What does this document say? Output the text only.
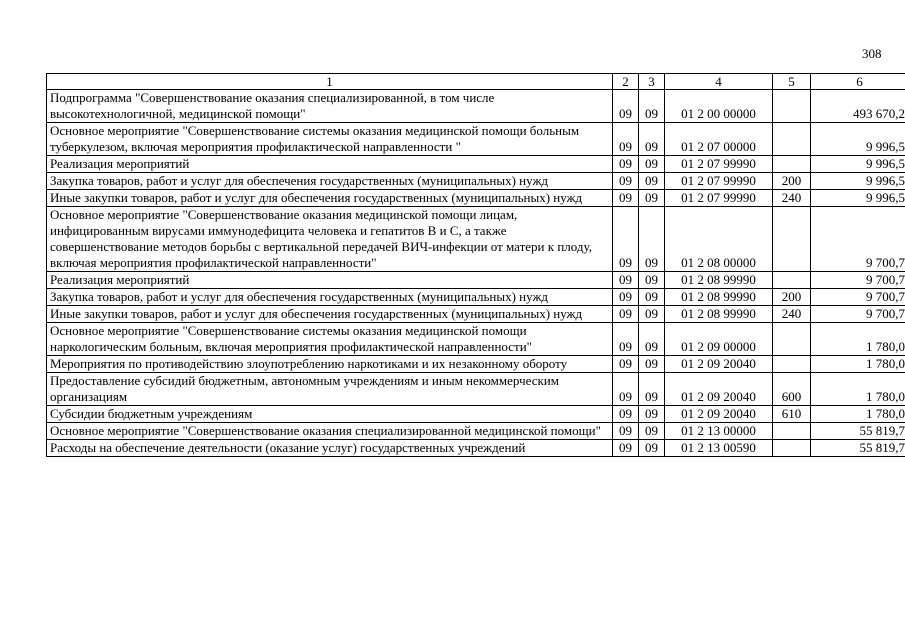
308
1	2	3	4	5	6
Подпрограмма "Совершенствование оказания специализированной, в том числе высокотехнологичной, медицинской помощи"	09	09	01 2 00 00000		493 670,2
Основное мероприятие "Совершенствование системы оказания медицинской помощи больным туберкулезом, включая мероприятия профилактической направленности "	09	09	01 2 07 00000		9 996,5
Реализация мероприятий	09	09	01 2 07 99990		9 996,5
Закупка товаров, работ и услуг для обеспечения государственных (муниципальных) нужд	09	09	01 2 07 99990	200	9 996,5
Иные закупки товаров, работ и услуг для обеспечения государственных (муниципальных) нужд	09	09	01 2 07 99990	240	9 996,5
Основное мероприятие "Совершенствование оказания медицинской помощи лицам, инфицированным вирусами иммунодефицита человека и гепатитов В и С, а также совершенствование методов борьбы с вертикальной передачей ВИЧ-инфекции от матери к плоду, включая мероприятия профилактической направленности"	09	09	01 2 08 00000		9 700,7
Реализация мероприятий	09	09	01 2 08 99990		9 700,7
Закупка товаров, работ и услуг для обеспечения государственных (муниципальных) нужд	09	09	01 2 08 99990	200	9 700,7
Иные закупки товаров, работ и услуг для обеспечения государственных (муниципальных) нужд	09	09	01 2 08 99990	240	9 700,7
Основное мероприятие "Совершенствование системы оказания медицинской помощи наркологическим больным, включая мероприятия профилактической направленности"	09	09	01 2 09 00000		1 780,0
Мероприятия по противодействию злоупотреблению наркотиками и их незаконному обороту	09	09	01 2 09 20040		1 780,0
Предоставление субсидий бюджетным, автономным учреждениям и иным некоммерческим организациям	09	09	01 2 09 20040	600	1 780,0
Субсидии бюджетным учреждениям	09	09	01 2 09 20040	610	1 780,0
Основное мероприятие "Совершенствование оказания специализированной медицинской помощи"	09	09	01 2 13 00000		55 819,7
Расходы на обеспечение деятельности (оказание услуг) государственных учреждений	09	09	01 2 13 00590		55 819,7
